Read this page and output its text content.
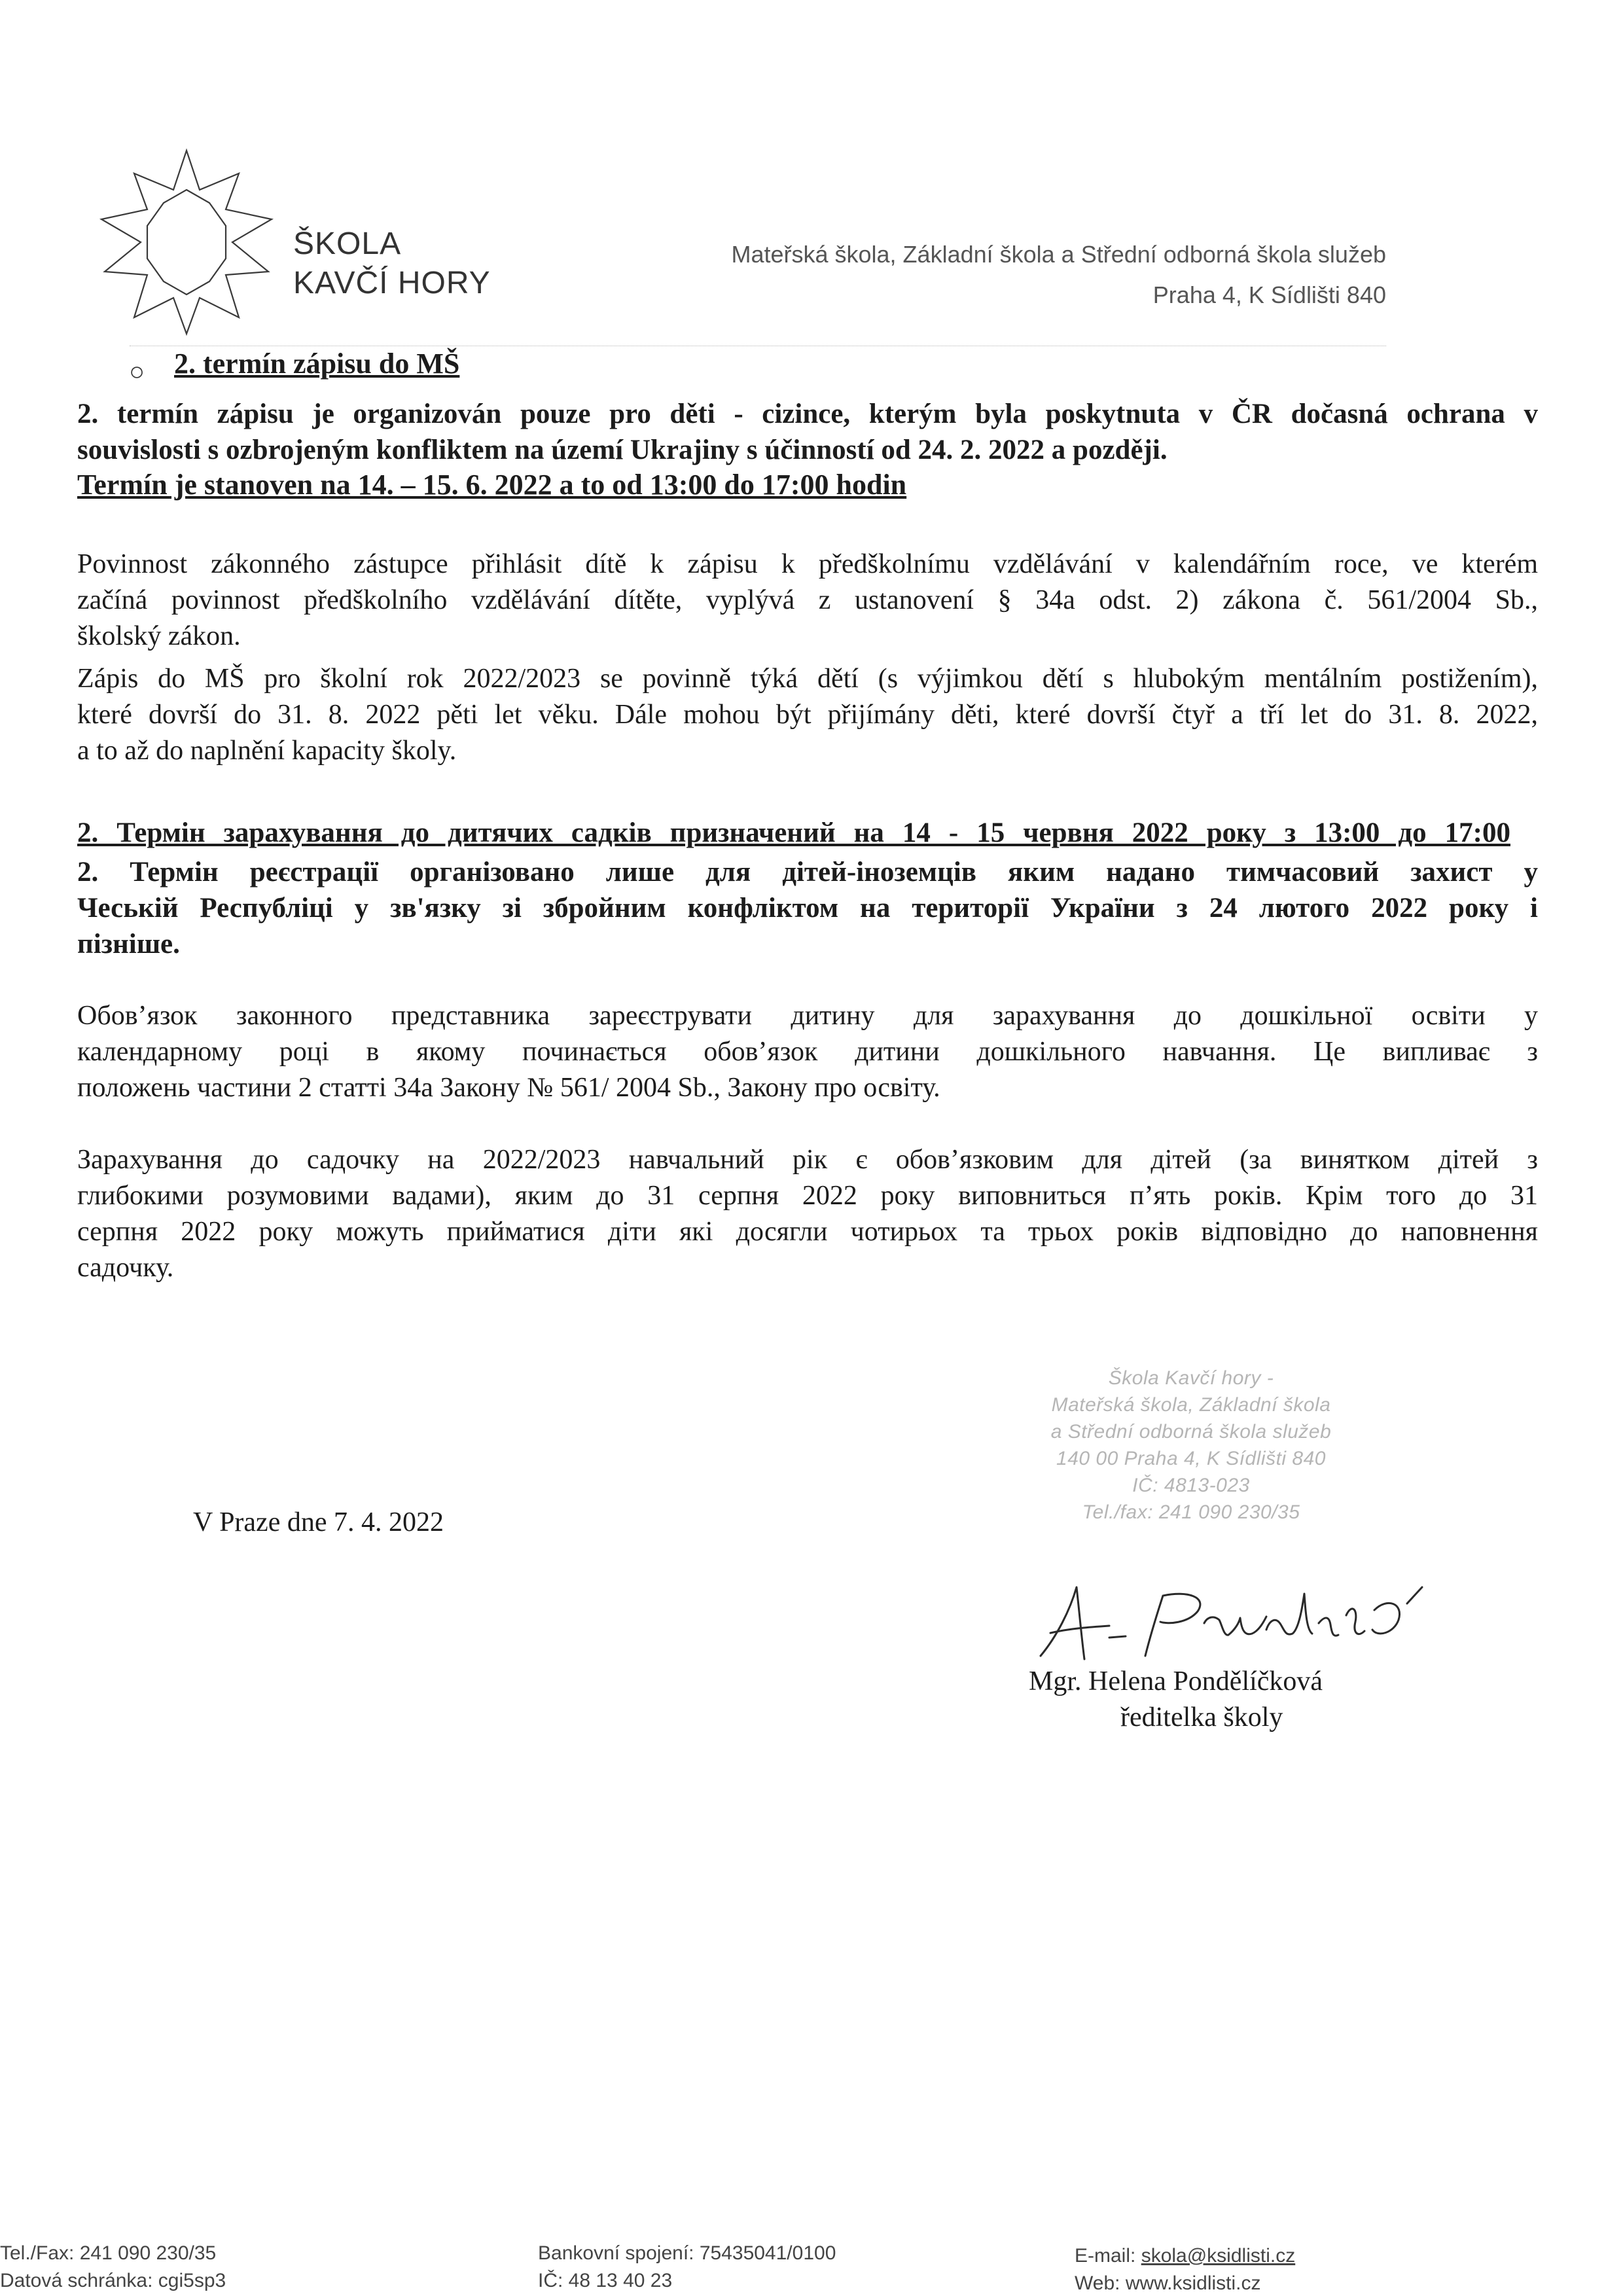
ŠKOLA
KAVČÍ HORY
Mateřská škola, Základní škola a Střední odborná škola služeb
Praha 4, K Sídlišti 840
○ 2. termín zápisu do MŠ
2. termín zápisu je organizován pouze pro děti - cizince, kterým byla poskytnuta v ČR dočasná ochrana v
souvislosti s ozbrojeným konfliktem na území Ukrajiny s účinností od 24. 2. 2022 a později.
Termín je stanoven na 14. – 15. 6. 2022 a to od 13:00 do 17:00 hodin
Povinnost zákonného zástupce přihlásit dítě k zápisu k předškolnímu vzdělávání v kalendářním roce, ve kterém
začíná povinnost předškolního vzdělávání dítěte, vyplývá z ustanovení § 34a odst. 2) zákona č. 561/2004 Sb.,
školský zákon.
Zápis do MŠ pro školní rok 2022/2023 se povinně týká dětí (s výjimkou dětí s hlubokým mentálním postižením),
které dovrší do 31. 8. 2022 pěti let věku. Dále mohou být přijímány děti, které dovrší čtyř a tří let do 31. 8. 2022,
a to až do naplnění kapacity školy.
2. Термін зарахування до дитячих садків призначений на 14 - 15 червня 2022 року з 13:00 до 17:00
2. Термін реєстрації організовано лише для дітей-іноземців яким надано тимчасовий захист у
Чеській Республіці у зв'язку зі збройним конфліктом на території України з 24 лютого 2022 року і
пізніше.
Обов’язок законного представника зареєструвати дитину для зарахування до дошкільної освіти у
календарному році в якому починається обов’язок дитини дошкільного навчання. Це випливає з
положень частини 2 статті 34а Закону № 561/ 2004 Sb., Закону про освіту.
Зарахування до садочку на 2022/2023 навчальний рік є обов’язковим для дітей (за винятком дітей з
глибокими розумовими вадами), яким до 31 серпня 2022 року виповниться п’ять років. Крім того до 31
серпня 2022 року можуть прийматися діти які досягли чотирьох та трьох років відповідно до наповнення
садочку.
Škola Kavčí hory -
Mateřská škola, Základní škola
a Střední odborná škola služeb
140 00 Praha 4, K Sídlišti 840
IČ: 4813-023
Tel./fax: 241 090 230/35
V Praze dne 7. 4. 2022
Mgr. Helena Pondělíčková
ředitelka školy
Tel./Fax: 241 090 230/35
Datová schránka: cgi5sp3
Bankovní spojení: 75435041/0100
IČ: 48 13 40 23
E-mail: skola@ksidlisti.cz
Web: www.ksidlisti.cz
